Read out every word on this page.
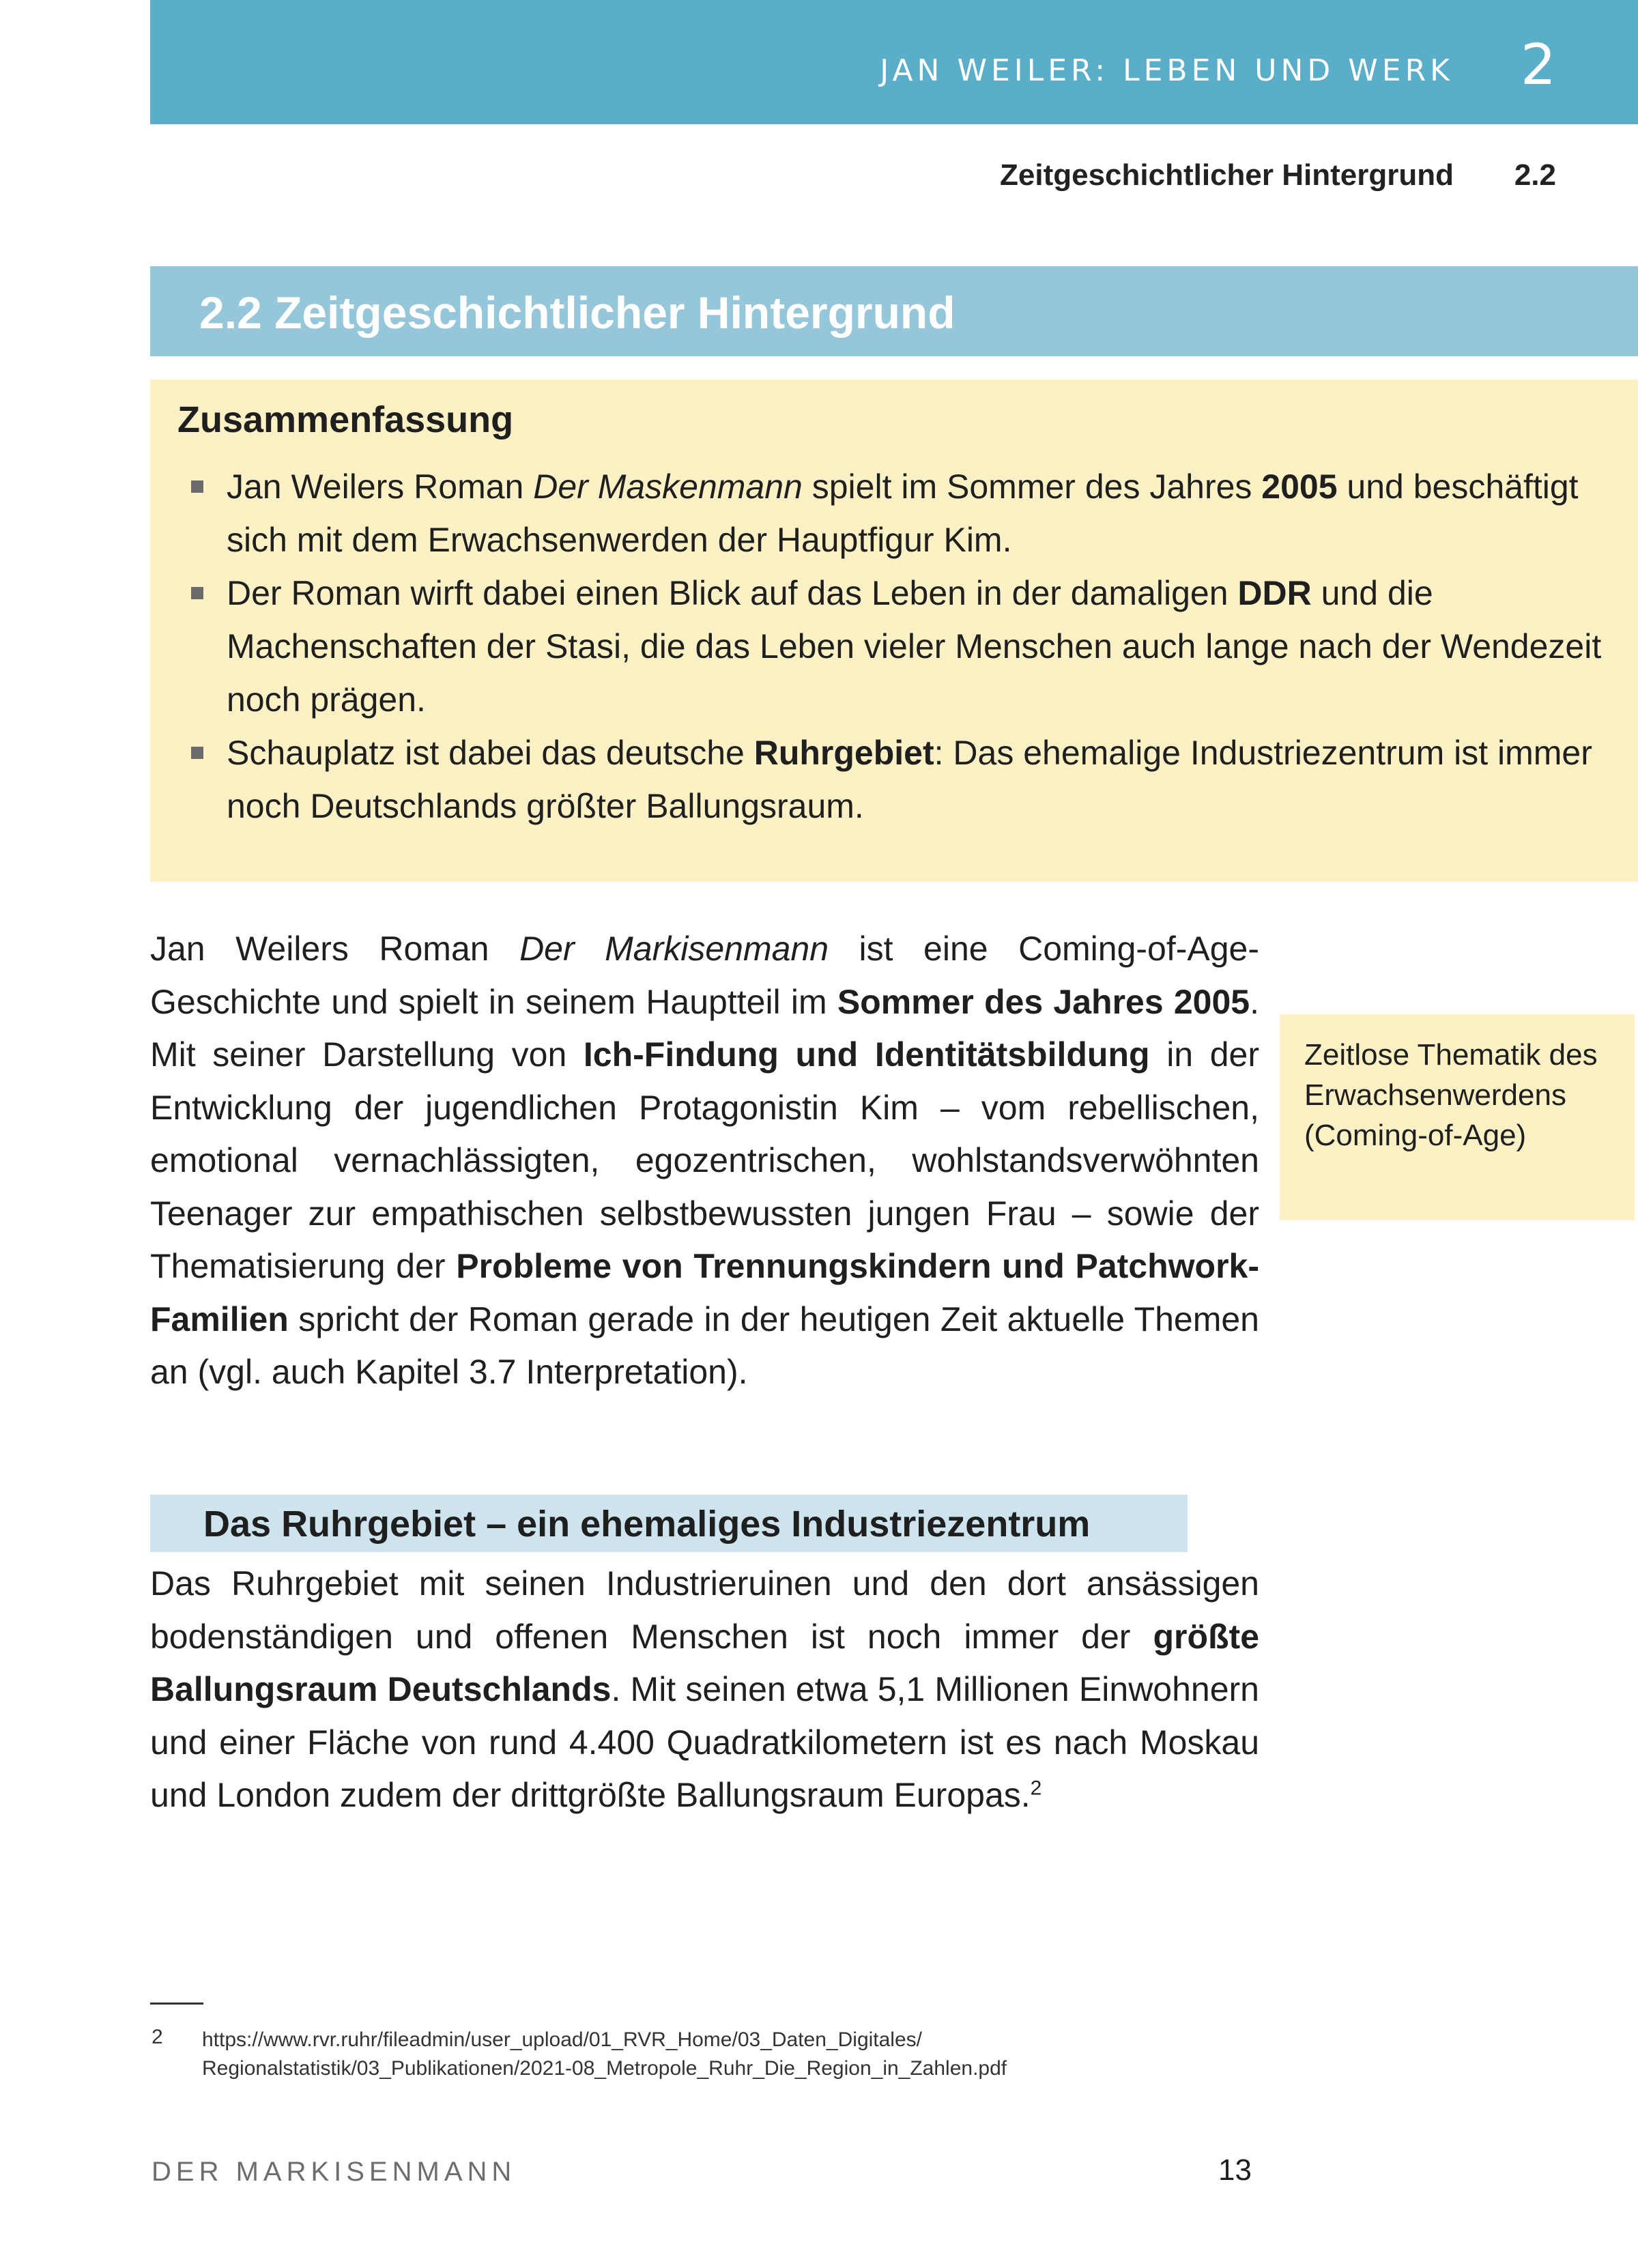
JAN WEILER: LEBEN UND WERK 2
Zeitgeschichtlicher Hintergrund 2.2
2.2 Zeitgeschichtlicher Hintergrund
Zusammenfassung
Jan Weilers Roman Der Maskenmann spielt im Sommer des Jahres 2005 und beschäftigt sich mit dem Erwachsenwerden der Hauptfigur Kim.
Der Roman wirft dabei einen Blick auf das Leben in der damaligen DDR und die Machenschaften der Stasi, die das Leben vieler Menschen auch lange nach der Wendezeit noch prägen.
Schauplatz ist dabei das deutsche Ruhrgebiet: Das ehemalige Industriezentrum ist immer noch Deutschlands größter Ballungsraum.

Jan Weilers Roman Der Markisenmann ist eine Coming-of-Age-Geschichte und spielt in seinem Hauptteil im Sommer des Jahres 2005. Mit seiner Darstellung von Ich-Findung und Identitätsbildung in der Entwicklung der jugendlichen Protagonistin Kim – vom rebellischen, emotional vernachlässigten, egozentrischen, wohlstandsverwöhnten Teenager zur empathischen selbstbewussten jungen Frau – sowie der Thematisierung der Probleme von Trennungskindern und Patchwork-Familien spricht der Roman gerade in der heutigen Zeit aktuelle Themen an (vgl. auch Kapitel 3.7 Interpretation).

Zeitlose Thematik des Erwachsenwerdens (Coming-of-Age)
Das Ruhrgebiet – ein ehemaliges Industriezentrum

Das Ruhrgebiet mit seinen Industrieruinen und den dort ansässigen bodenständigen und offenen Menschen ist noch immer der größte Ballungsraum Deutschlands. Mit seinen etwa 5,1 Millionen Einwohnern und einer Fläche von rund 4.400 Quadratkilometern ist es nach Moskau und London zudem der drittgrößte Ballungsraum Europas.$^2$

2 https://www.rvr.ruhr/fileadmin/user_upload/01_RVR_Home/03_Daten_Digitales/
Regionalstatistik/03_Publikationen/2021-08_Metropole_Ruhr_Die_Region_in_Zahlen.pdf
DER MARKISENMANN	13
